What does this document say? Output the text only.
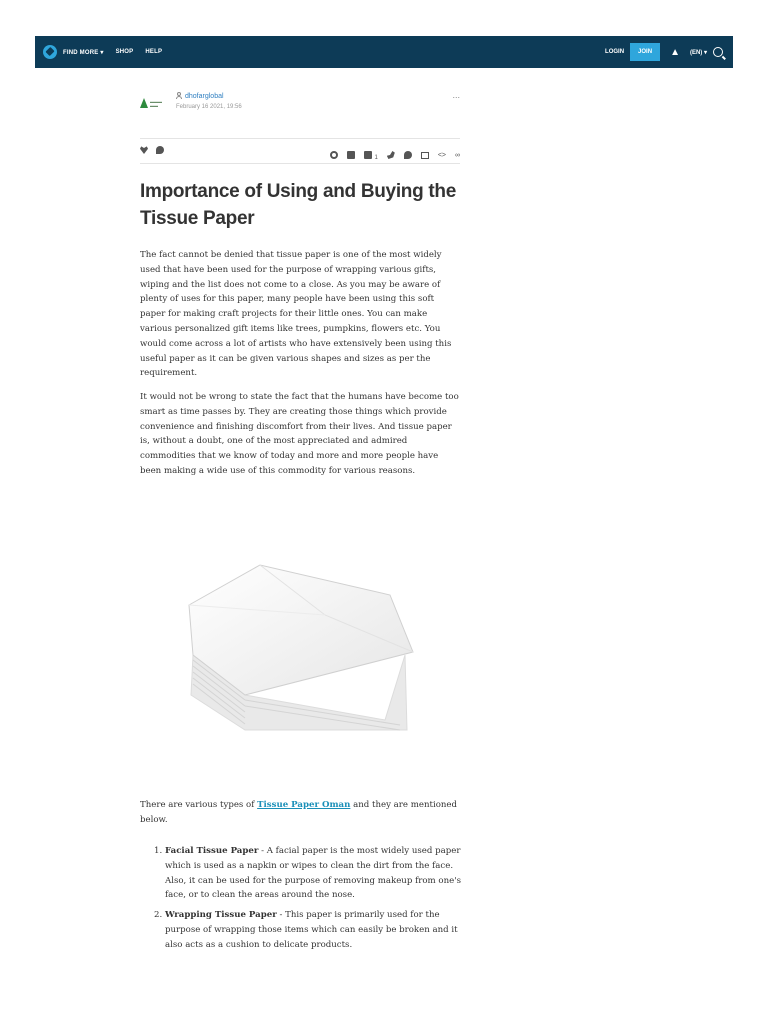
FIND MORE ▾ SHOP HELP	LOGIN	JOIN	▲ (EN) ▾
▬▬▬
▬▬
dhofarglobal
February 16 2021, 19:56
...
1	<> ∞
Importance of Using and Buying the Tissue Paper

The fact cannot be denied that tissue paper is one of the most widely used that have been used for the purpose of wrapping various gifts, wiping and the list does not come to a close. As you may be aware of plenty of uses for this paper, many people have been using this soft paper for making craft projects for their little ones. You can make various personalized gift items like trees, pumpkins, flowers etc. You would come across a lot of artists who have extensively been using this useful paper as it can be given various shapes and sizes as per the requirement.

It would not be wrong to state the fact that the humans have become too smart as time passes by. They are creating those things which provide convenience and finishing discomfort from their lives. And tissue paper is, without a doubt, one of the most appreciated and admired commodities that we know of today and more and more people have been making a wide use of this commodity for various reasons.

There are various types of Tissue Paper Oman and they are mentioned below.

1. Facial Tissue Paper - A facial paper is the most widely used paper which is used as a napkin or wipes to clean the dirt from the face. Also, it can be used for the purpose of removing makeup from one's face, or to clean the areas around the nose.
2. Wrapping Tissue Paper - This paper is primarily used for the purpose of wrapping those items which can easily be broken and it also acts as a cushion to delicate products.
